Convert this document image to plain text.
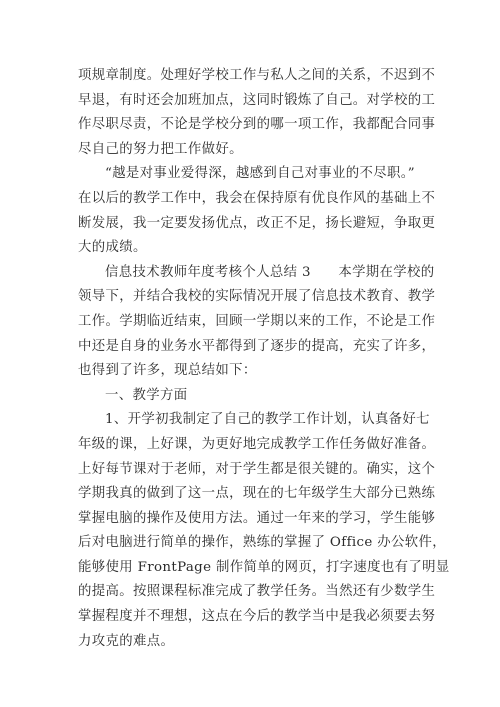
项规章制度。处理好学校工作与私人之间的关系，不迟到不
早退，有时还会加班加点，这同时锻炼了自己。对学校的工
作尽职尽责，不论是学校分到的哪一项工作，我都配合同事
尽自己的努力把工作做好。
“越是对事业爱得深，越感到自己对事业的不尽职。”
在以后的教学工作中，我会在保持原有优良作风的基础上不
断发展，我一定要发扬优点，改正不足，扬长避短，争取更
大的成绩。
信息技术教师年度考核个人总结 3　　本学期在学校的
领导下，并结合我校的实际情况开展了信息技术教育、教学
工作。学期临近结束，回顾一学期以来的工作，不论是工作
中还是自身的业务水平都得到了逐步的提高，充实了许多，
也得到了许多，现总结如下：
一、教学方面
1、开学初我制定了自己的教学工作计划，认真备好七
年级的课，上好课，为更好地完成教学工作任务做好准备。
上好每节课对于老师，对于学生都是很关键的。确实，这个
学期我真的做到了这一点，现在的七年级学生大部分已熟练
掌握电脑的操作及使用方法。通过一年来的学习，学生能够
后对电脑进行简单的操作，熟练的掌握了 Office 办公软件，
能够使用 FrontPage 制作简单的网页，打字速度也有了明显
的提高。按照课程标准完成了教学任务。当然还有少数学生
掌握程度并不理想，这点在今后的教学当中是我必须要去努
力攻克的难点。
